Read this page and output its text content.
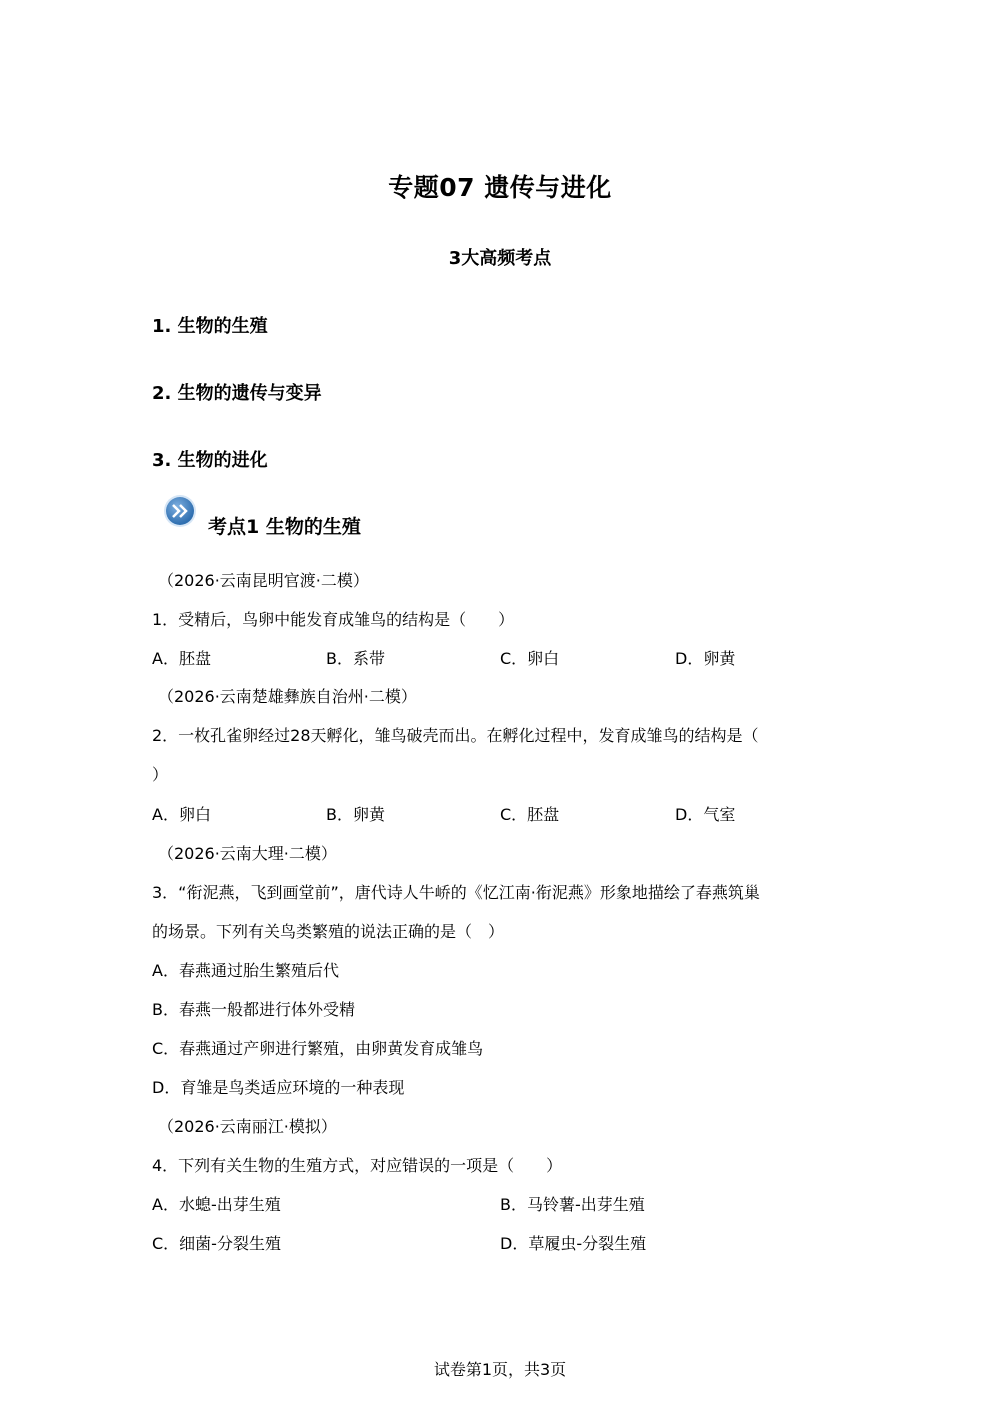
专题07 遗传与进化
3大高频考点
1. 生物的生殖
2. 生物的遗传与变异
3. 生物的进化
考点1 生物的生殖
（2026·云南昆明官渡·二模）
1．受精后，鸟卵中能发育成雏鸟的结构是（　　）
A．胚盘	B．系带	C．卵白	D．卵黄
（2026·云南楚雄彝族自治州·二模）
2．一枚孔雀卵经过28天孵化，雏鸟破壳而出。在孵化过程中，发育成雏鸟的结构是（
）
A．卵白	B．卵黄	C．胚盘	D．气室
（2026·云南大理·二模）
3．“衔泥燕，飞到画堂前”，唐代诗人牛峤的《忆江南·衔泥燕》形象地描绘了春燕筑巢
的场景。下列有关鸟类繁殖的说法正确的是（　）
A．春燕通过胎生繁殖后代
B．春燕一般都进行体外受精
C．春燕通过产卵进行繁殖，由卵黄发育成雏鸟
D．育雏是鸟类适应环境的一种表现
（2026·云南丽江·模拟）
4．下列有关生物的生殖方式，对应错误的一项是（　　）
A．水螅-出芽生殖	B．马铃薯-出芽生殖
C．细菌-分裂生殖	D．草履虫-分裂生殖
试卷第1页，共3页
